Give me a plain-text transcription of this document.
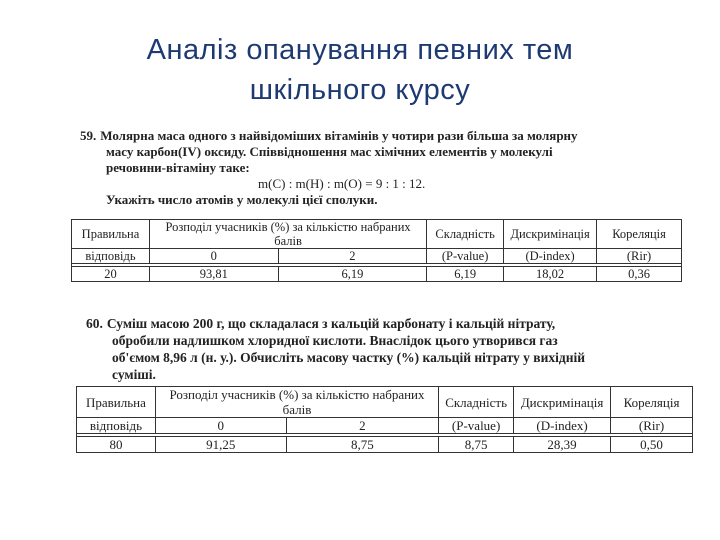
Аналіз опанування певних тем
шкільного курсу
59. Молярна маса одного з найвідоміших вітамінів у чотири рази більша за молярну
масу карбон(IV) оксиду. Співвідношення мас хімічних елементів у молекулі
речовини-вітаміну таке:
m(C) : m(H) : m(O) = 9 : 1 : 12.
Укажіть число атомів у молекулі цієї сполуки.
Правильна	Розподіл учасників (%) за кількістю набраних балів		Складність	Дискримінація	Кореляція
відповідь	0	2	(P-value)	(D-index)	(Rir)

20	93,81	6,19	6,19	18,02	0,36
60. Суміш масою 200 г, що складалася з кальцій карбонату і кальцій нітрату,
обробили надлишком хлоридної кислоти. Внаслідок цього утворився газ
об'ємом 8,96 л (н. у.). Обчисліть масову частку (%) кальцій нітрату у вихідній
суміші.
Правильна	Розподіл учасників (%) за кількістю набраних балів		Складність	Дискримінація	Кореляція
відповідь	0	2	(P-value)	(D-index)	(Rir)

80	91,25	8,75	8,75	28,39	0,50
